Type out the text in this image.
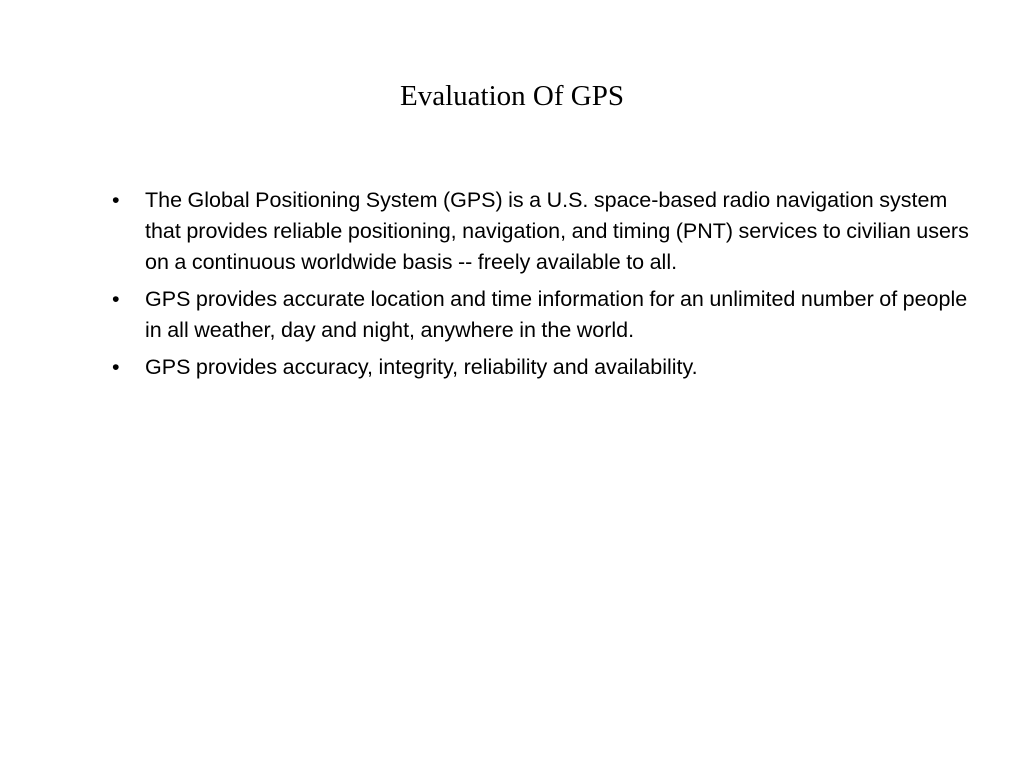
Evaluation Of GPS
• The Global Positioning System (GPS) is a U.S. space-based radio navigation system that provides reliable positioning, navigation, and timing (PNT) services to civilian users on a continuous worldwide basis -- freely available to all.
• GPS provides accurate location and time information for an unlimited number of people in all weather, day and night, anywhere in the world.
• GPS provides accuracy, integrity, reliability and availability.
